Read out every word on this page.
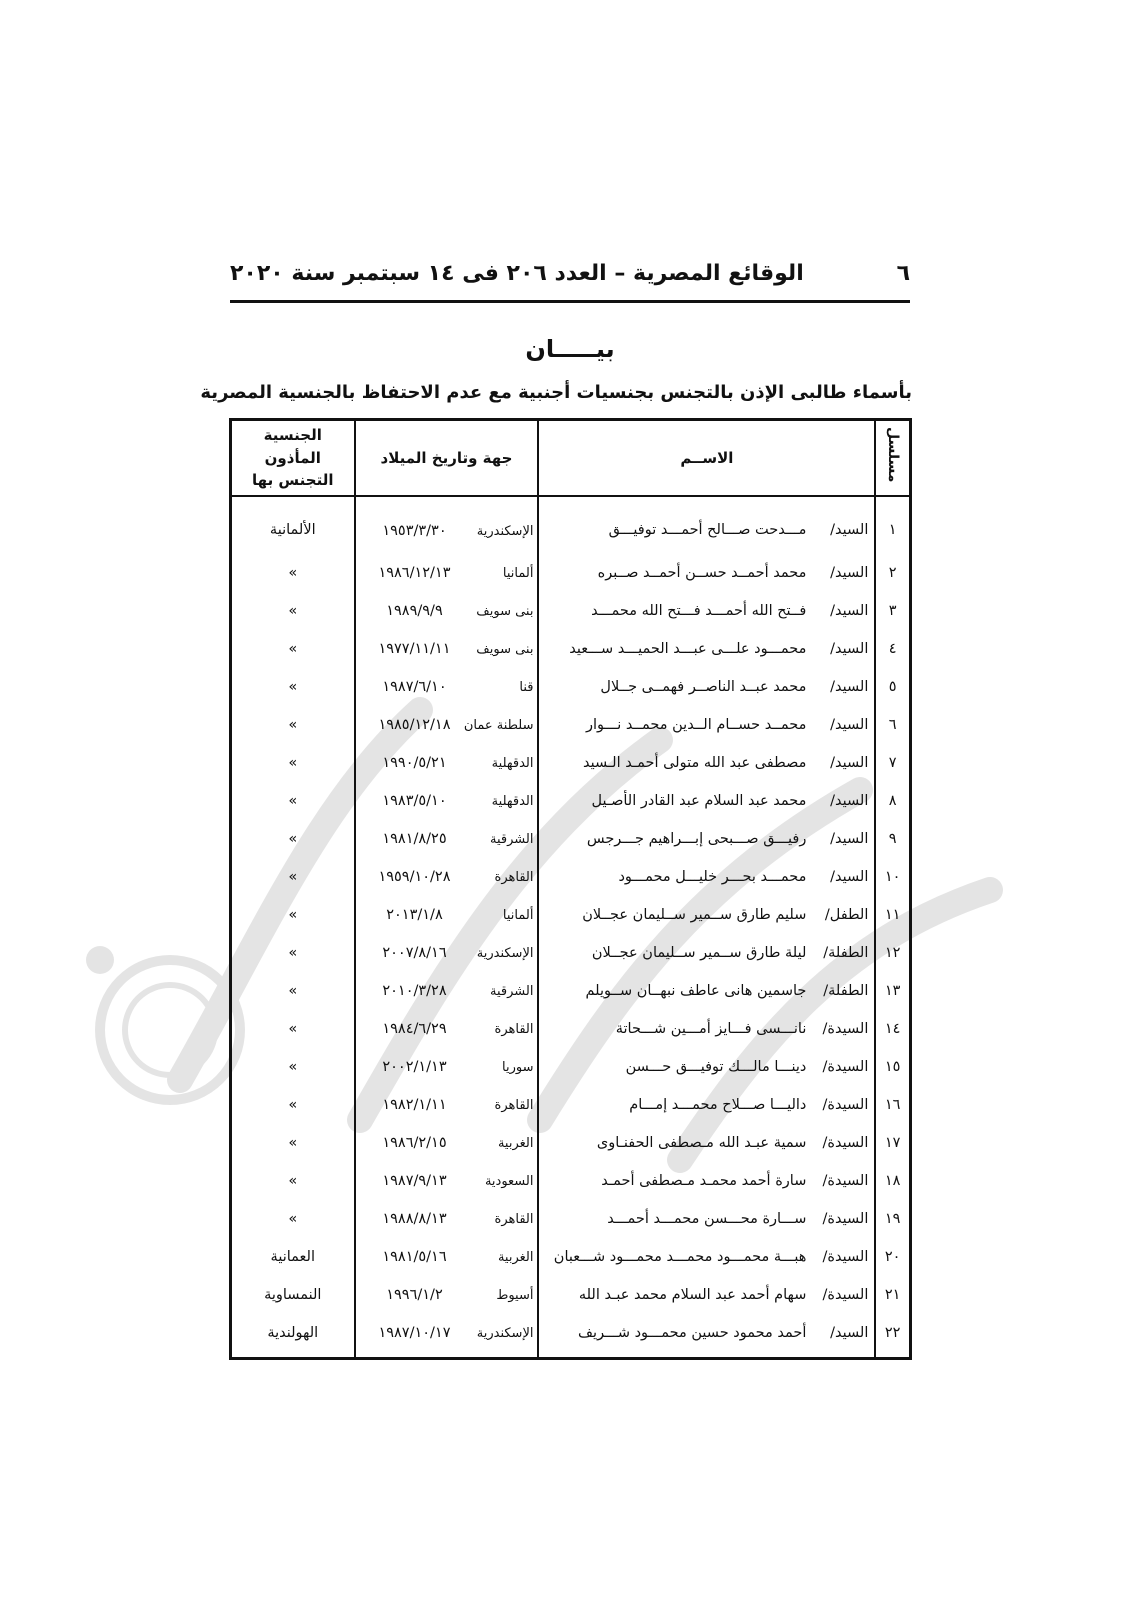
٦
الوقائع المصرية – العدد ٢٠٦ فى ١٤ سبتمبر سنة ٢٠٢٠
بيـــــان
بأسماء طالبى الإذن بالتجنس بجنسيات أجنبية مع عدم الاحتفاظ بالجنسية المصرية
مسلسل	الاســم	جهة وتاريخ الميلاد	الجنسية المأذون
التجنس بها
١	السيد/مـــدحت صـــالح أحمـــد توفيـــق	الإسكندرية١٩٥٣/٣/٣٠	الألمانية
٢	السيد/محمد أحمــد حســن أحمــد صــبره	ألمانيا١٩٨٦/١٢/١٣	»
٣	السيد/فــتح الله أحمـــد فـــتح الله محمـــد	بنى سويف١٩٨٩/٩/٩	»
٤	السيد/محمـــود علـــى عبـــد الحميـــد ســـعيد	بنى سويف١٩٧٧/١١/١١	»
٥	السيد/محمد عبــد الناصــر فهمــى جــلال	قنا١٩٨٧/٦/١٠	»
٦	السيد/محمــد حســام الــدين محمــد نـــوار	سلطنة عمان١٩٨٥/١٢/١٨	»
٧	السيد/مصطفى عبد الله متولى أحمـد الـسيد	الدقهلية١٩٩٠/٥/٢١	»
٨	السيد/محمد عبد السلام عبد القادر الأصـيل	الدقهلية١٩٨٣/٥/١٠	»
٩	السيد/رفيـــق صـــبحى إبـــراهيم جـــرجس	الشرقية١٩٨١/٨/٢٥	»
١٠	السيد/محمـــد بحـــر خليـــل محمـــود	القاهرة١٩٥٩/١٠/٢٨	»
١١	الطفل/سليم طارق ســمير ســليمان عجــلان	ألمانيا٢٠١٣/١/٨	»
١٢	الطفلة/ليلة طارق ســمير ســليمان عجــلان	الإسكندرية٢٠٠٧/٨/١٦	»
١٣	الطفلة/جاسمين هانى عاطف نبهــان ســويلم	الشرقية٢٠١٠/٣/٢٨	»
١٤	السيدة/نانـــسى فـــايز أمـــين شـــحاتة	القاهرة١٩٨٤/٦/٢٩	»
١٥	السيدة/دينـــا مالـــك توفيـــق حـــسن	سوريا٢٠٠٢/١/١٣	»
١٦	السيدة/داليـــا صـــلاح محمـــد إمـــام	القاهرة١٩٨٢/١/١١	»
١٧	السيدة/سمية عبـد الله مـصطفى الحفنـاوى	الغربية١٩٨٦/٢/١٥	»
١٨	السيدة/سارة أحمد محمـد مـصطفى أحمـد	السعودية١٩٨٧/٩/١٣	»
١٩	السيدة/ســـارة محـــسن محمـــد أحمـــد	القاهرة١٩٨٨/٨/١٣	»
٢٠	السيدة/هبـــة محمـــود محمـــد محمـــود شـــعبان	الغربية١٩٨١/٥/١٦	العمانية
٢١	السيدة/سهام أحمد عبد السلام محمد عبـد الله	أسيوط١٩٩٦/١/٢	النمساوية
٢٢	السيد/أحمد محمود حسين محمـــود شـــريف	الإسكندرية١٩٨٧/١٠/١٧	الهولندية
